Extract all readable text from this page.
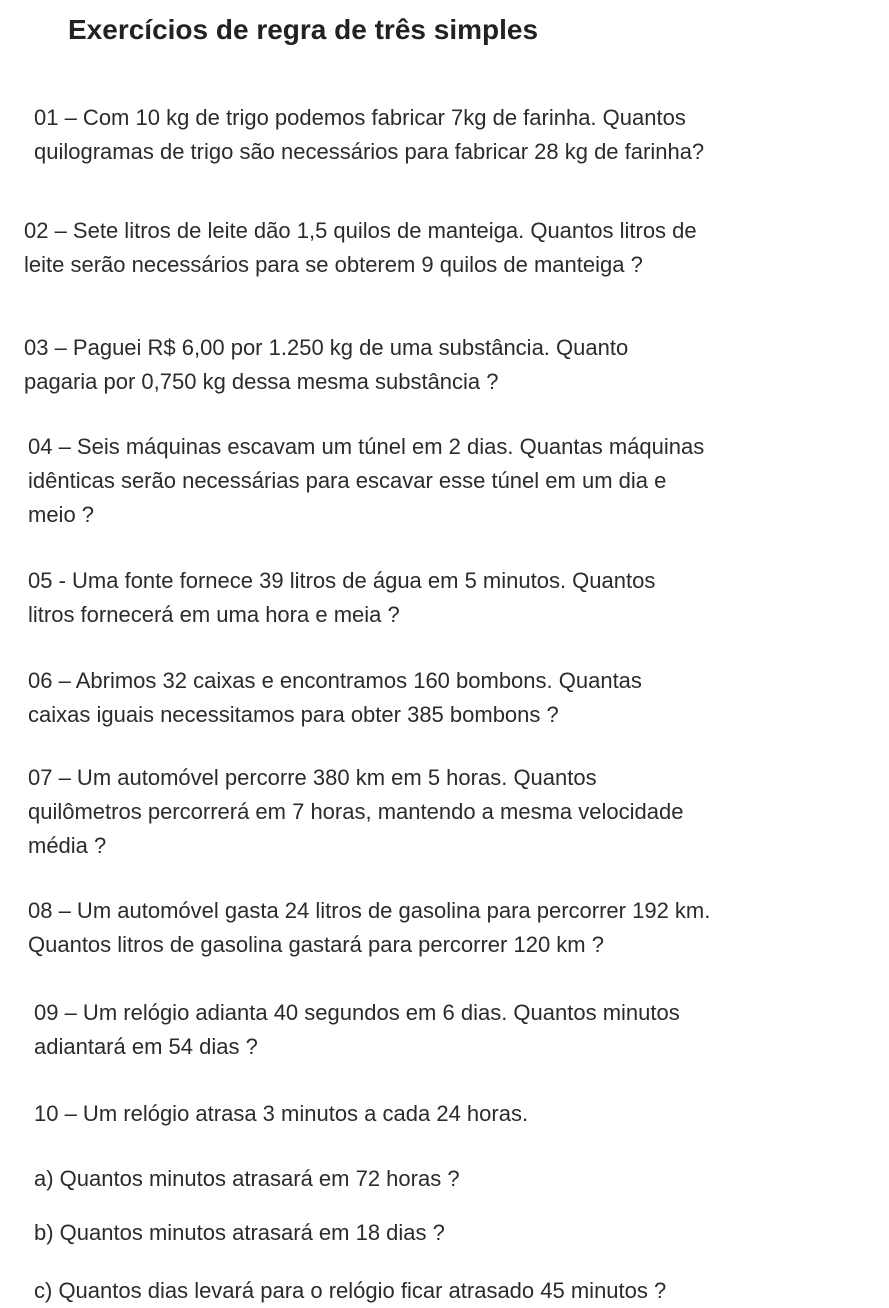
Exercícios de regra de três simples

01 – Com 10 kg de trigo podemos fabricar 7kg de farinha. Quantos
quilogramas de trigo são necessários para fabricar 28 kg de farinha?

02 – Sete litros de leite dão 1,5 quilos de manteiga. Quantos litros de
leite serão necessários para se obterem 9 quilos de manteiga ?

03 – Paguei R$ 6,00 por 1.250 kg de uma substância. Quanto
pagaria por 0,750 kg dessa mesma substância ?

04 – Seis máquinas escavam um túnel em 2 dias. Quantas máquinas
idênticas serão necessárias para escavar esse túnel em um dia e
meio ?

05 - Uma fonte fornece 39 litros de água em 5 minutos. Quantos
litros fornecerá em uma hora e meia ?

06 – Abrimos 32 caixas e encontramos 160 bombons. Quantas
caixas iguais necessitamos para obter 385 bombons ?

07 – Um automóvel percorre 380 km em 5 horas. Quantos
quilômetros percorrerá em 7 horas, mantendo a mesma velocidade
média ?

08 – Um automóvel gasta 24 litros de gasolina para percorrer 192 km.
Quantos litros de gasolina gastará para percorrer 120 km ?

09 – Um relógio adianta 40 segundos em 6 dias. Quantos minutos
adiantará em 54 dias ?

10 – Um relógio atrasa 3 minutos a cada 24 horas.

a) Quantos minutos atrasará em 72 horas ?

b) Quantos minutos atrasará em 18 dias ?

c) Quantos dias levará para o relógio ficar atrasado 45 minutos ?
